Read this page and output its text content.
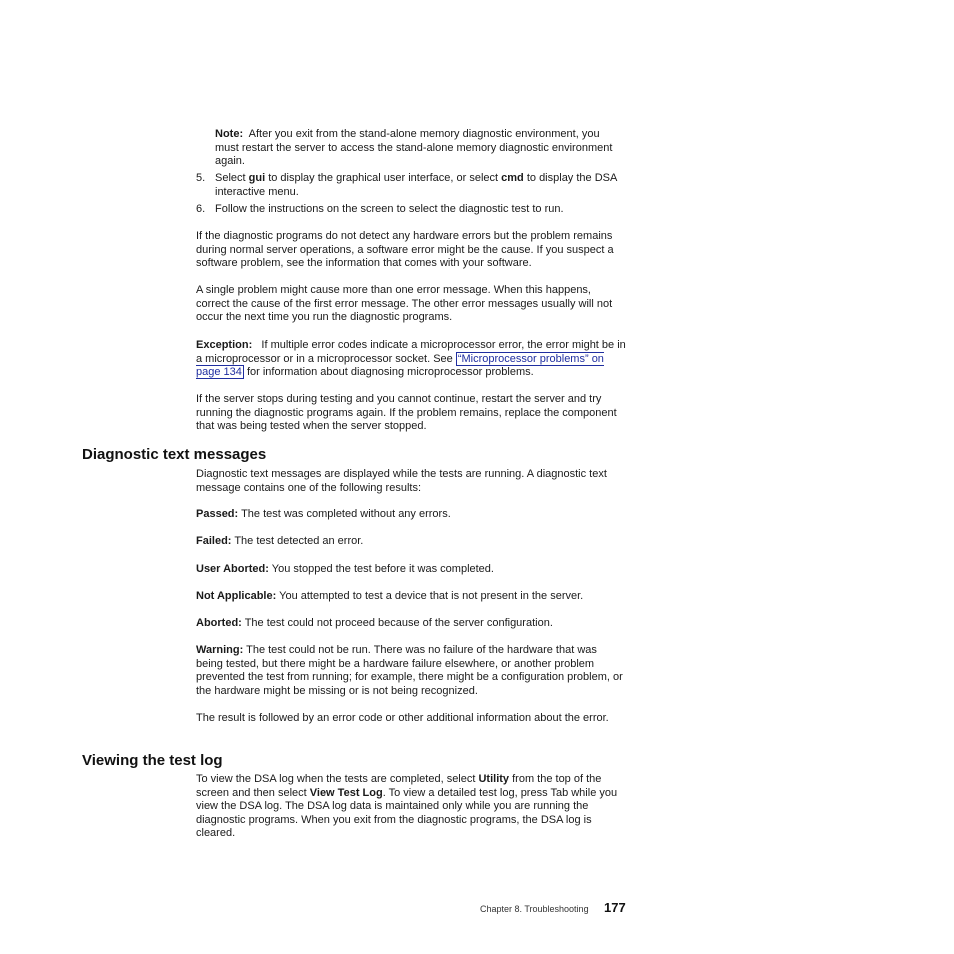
Note: After you exit from the stand-alone memory diagnostic environment, you must restart the server to access the stand-alone memory diagnostic environment again.

5. Select gui to display the graphical user interface, or select cmd to display the DSA interactive menu.

6. Follow the instructions on the screen to select the diagnostic test to run.

If the diagnostic programs do not detect any hardware errors but the problem remains during normal server operations, a software error might be the cause. If you suspect a software problem, see the information that comes with your software.

A single problem might cause more than one error message. When this happens, correct the cause of the first error message. The other error messages usually will not occur the next time you run the diagnostic programs.

Exception: If multiple error codes indicate a microprocessor error, the error might be in a microprocessor or in a microprocessor socket. See “Microprocessor problems” on page 134 for information about diagnosing microprocessor problems.

If the server stops during testing and you cannot continue, restart the server and try running the diagnostic programs again. If the problem remains, replace the component that was being tested when the server stopped.

Diagnostic text messages

Diagnostic text messages are displayed while the tests are running. A diagnostic text message contains one of the following results:

Passed: The test was completed without any errors.

Failed: The test detected an error.

User Aborted: You stopped the test before it was completed.

Not Applicable: You attempted to test a device that is not present in the server.

Aborted: The test could not proceed because of the server configuration.

Warning: The test could not be run. There was no failure of the hardware that was being tested, but there might be a hardware failure elsewhere, or another problem prevented the test from running; for example, there might be a configuration problem, or the hardware might be missing or is not being recognized.

The result is followed by an error code or other additional information about the error.

Viewing the test log

To view the DSA log when the tests are completed, select Utility from the top of the screen and then select View Test Log. To view a detailed test log, press Tab while you view the DSA log. The DSA log data is maintained only while you are running the diagnostic programs. When you exit from the diagnostic programs, the DSA log is cleared.

Chapter 8. Troubleshooting 177
